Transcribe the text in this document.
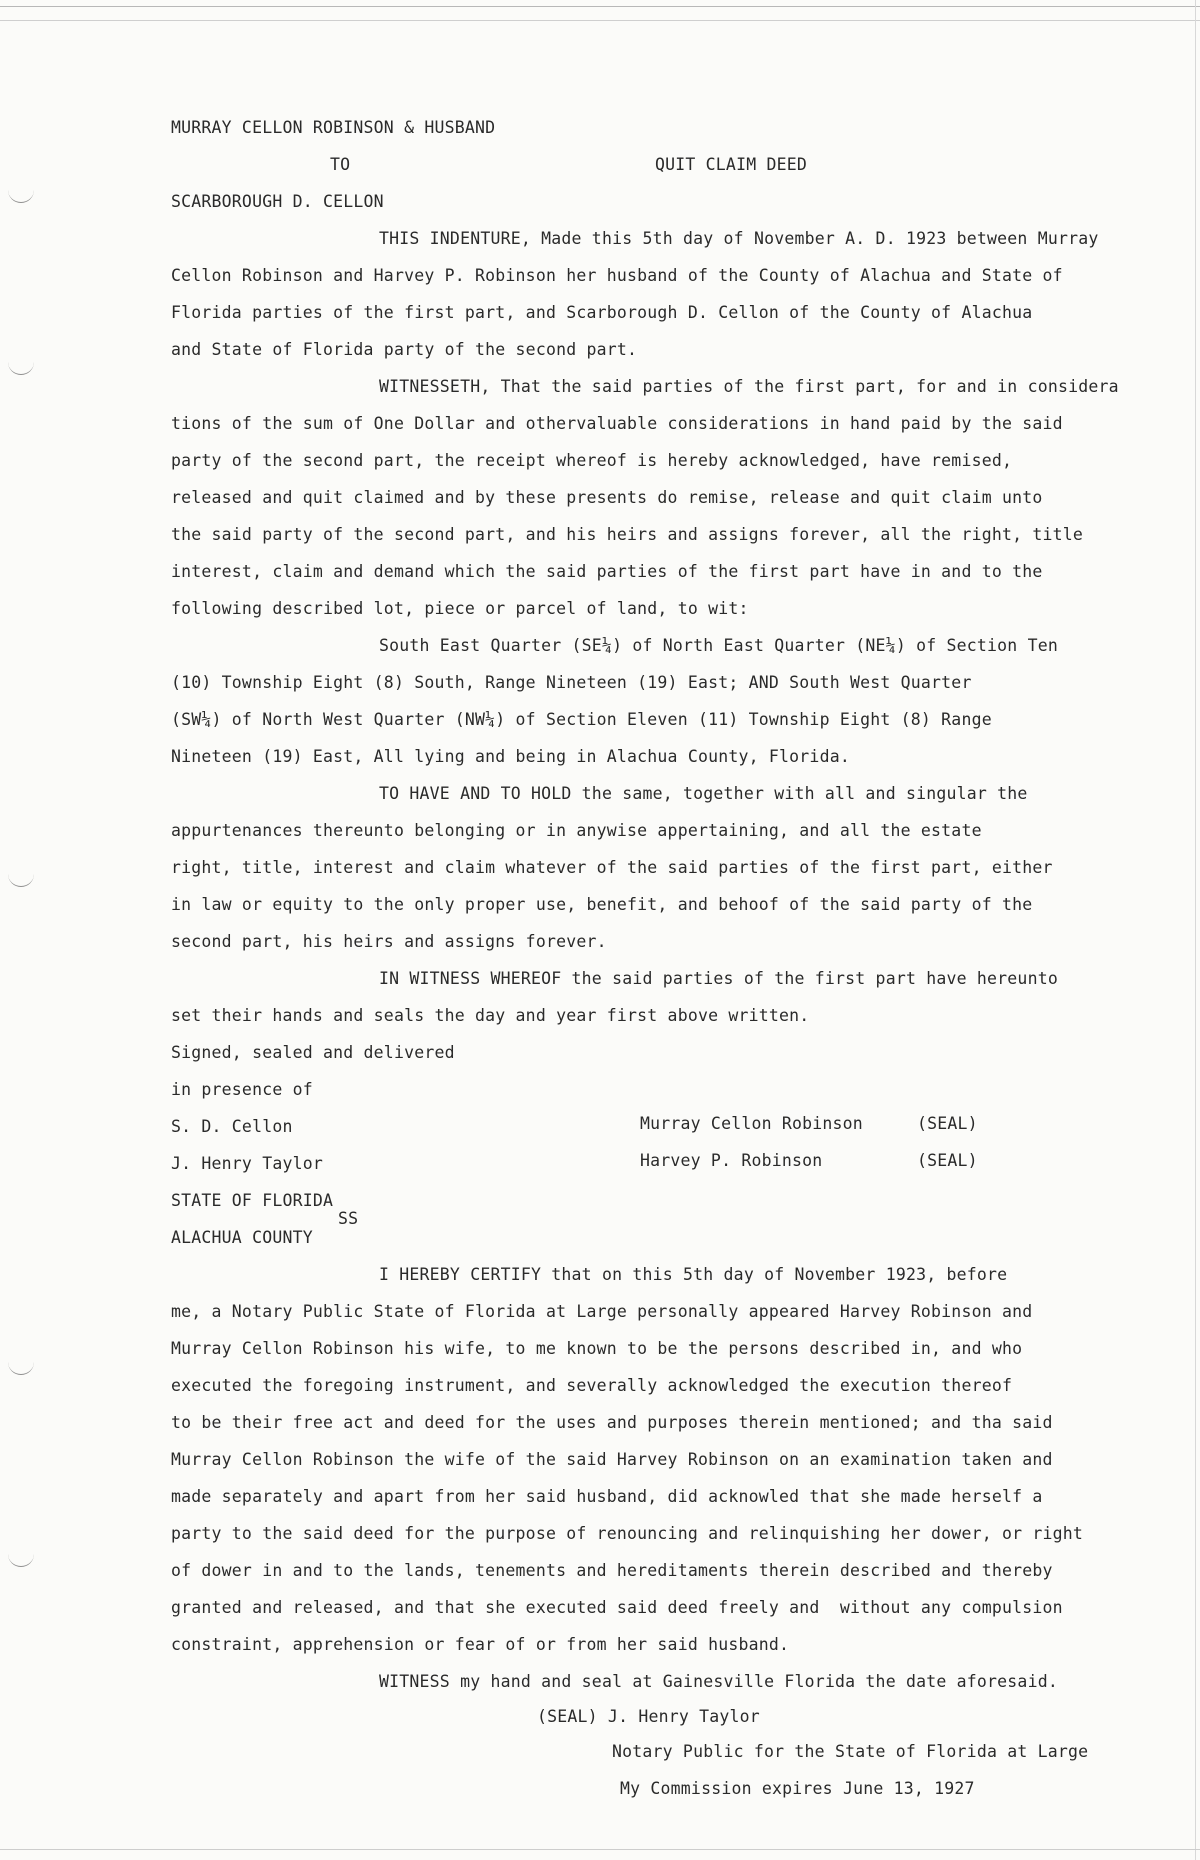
MURRAY CELLON ROBINSON & HUSBAND
TO	QUIT CLAIM DEED
SCARBOROUGH D. CELLON
THIS INDENTURE, Made this 5th day of November A. D. 1923 between Murray
Cellon Robinson and Harvey P. Robinson her husband of the County of Alachua and State of
Florida parties of the first part, and Scarborough D. Cellon of the County of Alachua
and State of Florida party of the second part.
WITNESSETH, That the said parties of the first part, for and in considera
tions of the sum of One Dollar and othervaluable considerations in hand paid by the said
party of the second part, the receipt whereof is hereby acknowledged, have remised,
released and quit claimed and by these presents do remise, release and quit claim unto
the said party of the second part, and his heirs and assigns forever, all the right, title
interest, claim and demand which the said parties of the first part have in and to the
following described lot, piece or parcel of land, to wit:
South East Quarter (SE¼) of North East Quarter (NE¼) of Section Ten
(10) Township Eight (8) South, Range Nineteen (19) East; AND South West Quarter
(SW¼) of North West Quarter (NW¼) of Section Eleven (11) Township Eight (8) Range
Nineteen (19) East, All lying and being in Alachua County, Florida.
TO HAVE AND TO HOLD the same, together with all and singular the
appurtenances thereunto belonging or in anywise appertaining, and all the estate
right, title, interest and claim whatever of the said parties of the first part, either
in law or equity to the only proper use, benefit, and behoof of the said party of the
second part, his heirs and assigns forever.
IN WITNESS WHEREOF the said parties of the first part have hereunto
set their hands and seals the day and year first above written.
Signed, sealed and delivered
in presence of
S. D. Cellon	Murray Cellon Robinson	(SEAL)
J. Henry Taylor	Harvey P. Robinson	(SEAL)
STATE OF FLORIDA
SS
ALACHUA COUNTY
I HEREBY CERTIFY that on this 5th day of November 1923, before
me, a Notary Public State of Florida at Large personally appeared Harvey Robinson and
Murray Cellon Robinson his wife, to me known to be the persons described in, and who
executed the foregoing instrument, and severally acknowledged the execution thereof
to be their free act and deed for the uses and purposes therein mentioned; and tha said
Murray Cellon Robinson the wife of the said Harvey Robinson on an examination taken and
made separately and apart from her said husband, did acknowled that she made herself a
party to the said deed for the purpose of renouncing and relinquishing her dower, or right
of dower in and to the lands, tenements and hereditaments therein described and thereby
granted and released, and that she executed said deed freely and  without any compulsion
constraint, apprehension or fear of or from her said husband.
WITNESS my hand and seal at Gainesville Florida the date aforesaid.
(SEAL) J. Henry Taylor
Notary Public for the State of Florida at Large
My Commission expires June 13, 1927
